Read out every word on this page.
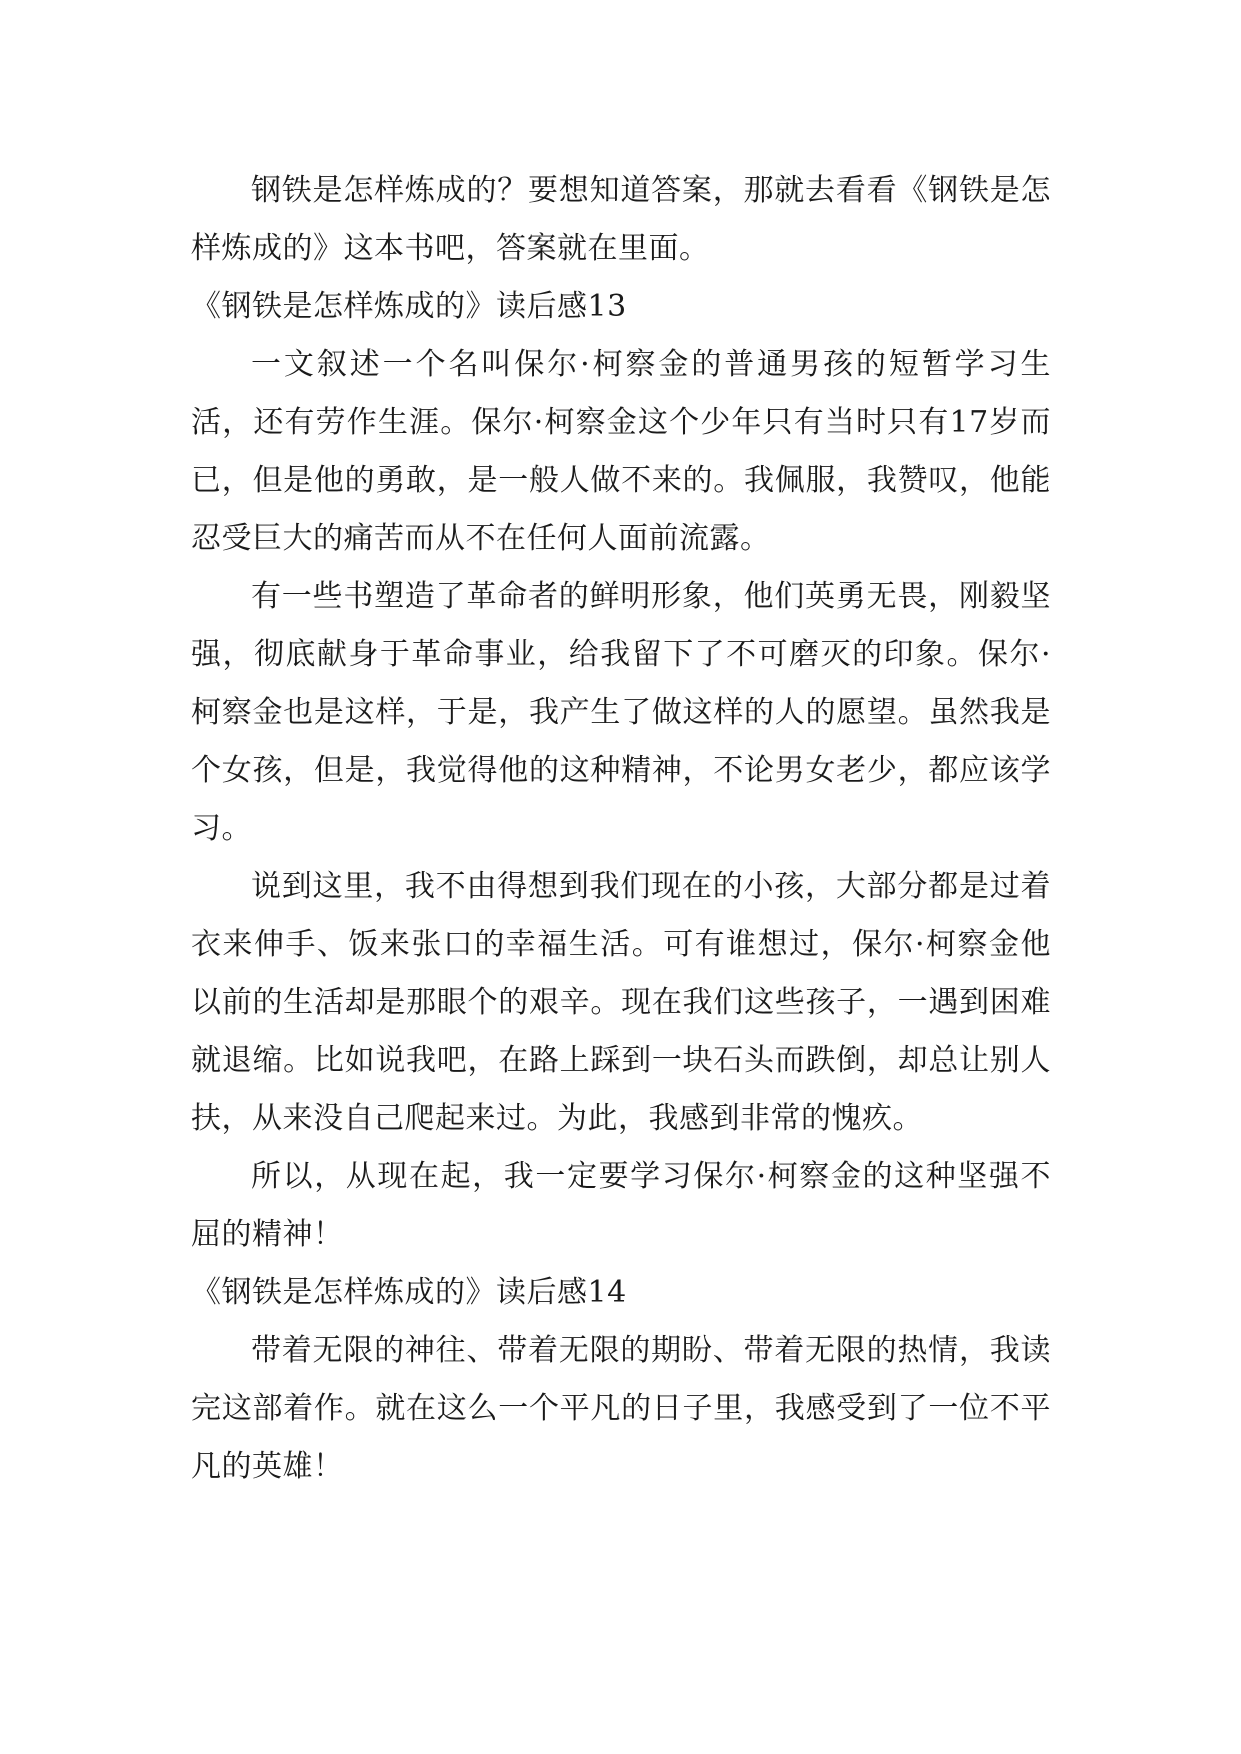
钢铁是怎样炼成的？要想知道答案，那就去看看《钢铁是怎样炼成的》这本书吧，答案就在里面。

《钢铁是怎样炼成的》读后感13

一文叙述一个名叫保尔·柯察金的普通男孩的短暂学习生活，还有劳作生涯。保尔·柯察金这个少年只有当时只有17岁而已，但是他的勇敢，是一般人做不来的。我佩服，我赞叹，他能忍受巨大的痛苦而从不在任何人面前流露。

有一些书塑造了革命者的鲜明形象，他们英勇无畏，刚毅坚强，彻底献身于革命事业，给我留下了不可磨灭的印象。保尔·柯察金也是这样，于是，我产生了做这样的人的愿望。虽然我是个女孩，但是，我觉得他的这种精神，不论男女老少，都应该学习。

说到这里，我不由得想到我们现在的小孩，大部分都是过着衣来伸手、饭来张口的幸福生活。可有谁想过，保尔·柯察金他以前的生活却是那眼个的艰辛。现在我们这些孩子，一遇到困难就退缩。比如说我吧，在路上踩到一块石头而跌倒，却总让别人扶，从来没自己爬起来过。为此，我感到非常的愧疚。

所以，从现在起，我一定要学习保尔·柯察金的这种坚强不屈的精神！

《钢铁是怎样炼成的》读后感14

带着无限的神往、带着无限的期盼、带着无限的热情，我读完这部着作。就在这么一个平凡的日子里，我感受到了一位不平凡的英雄！
